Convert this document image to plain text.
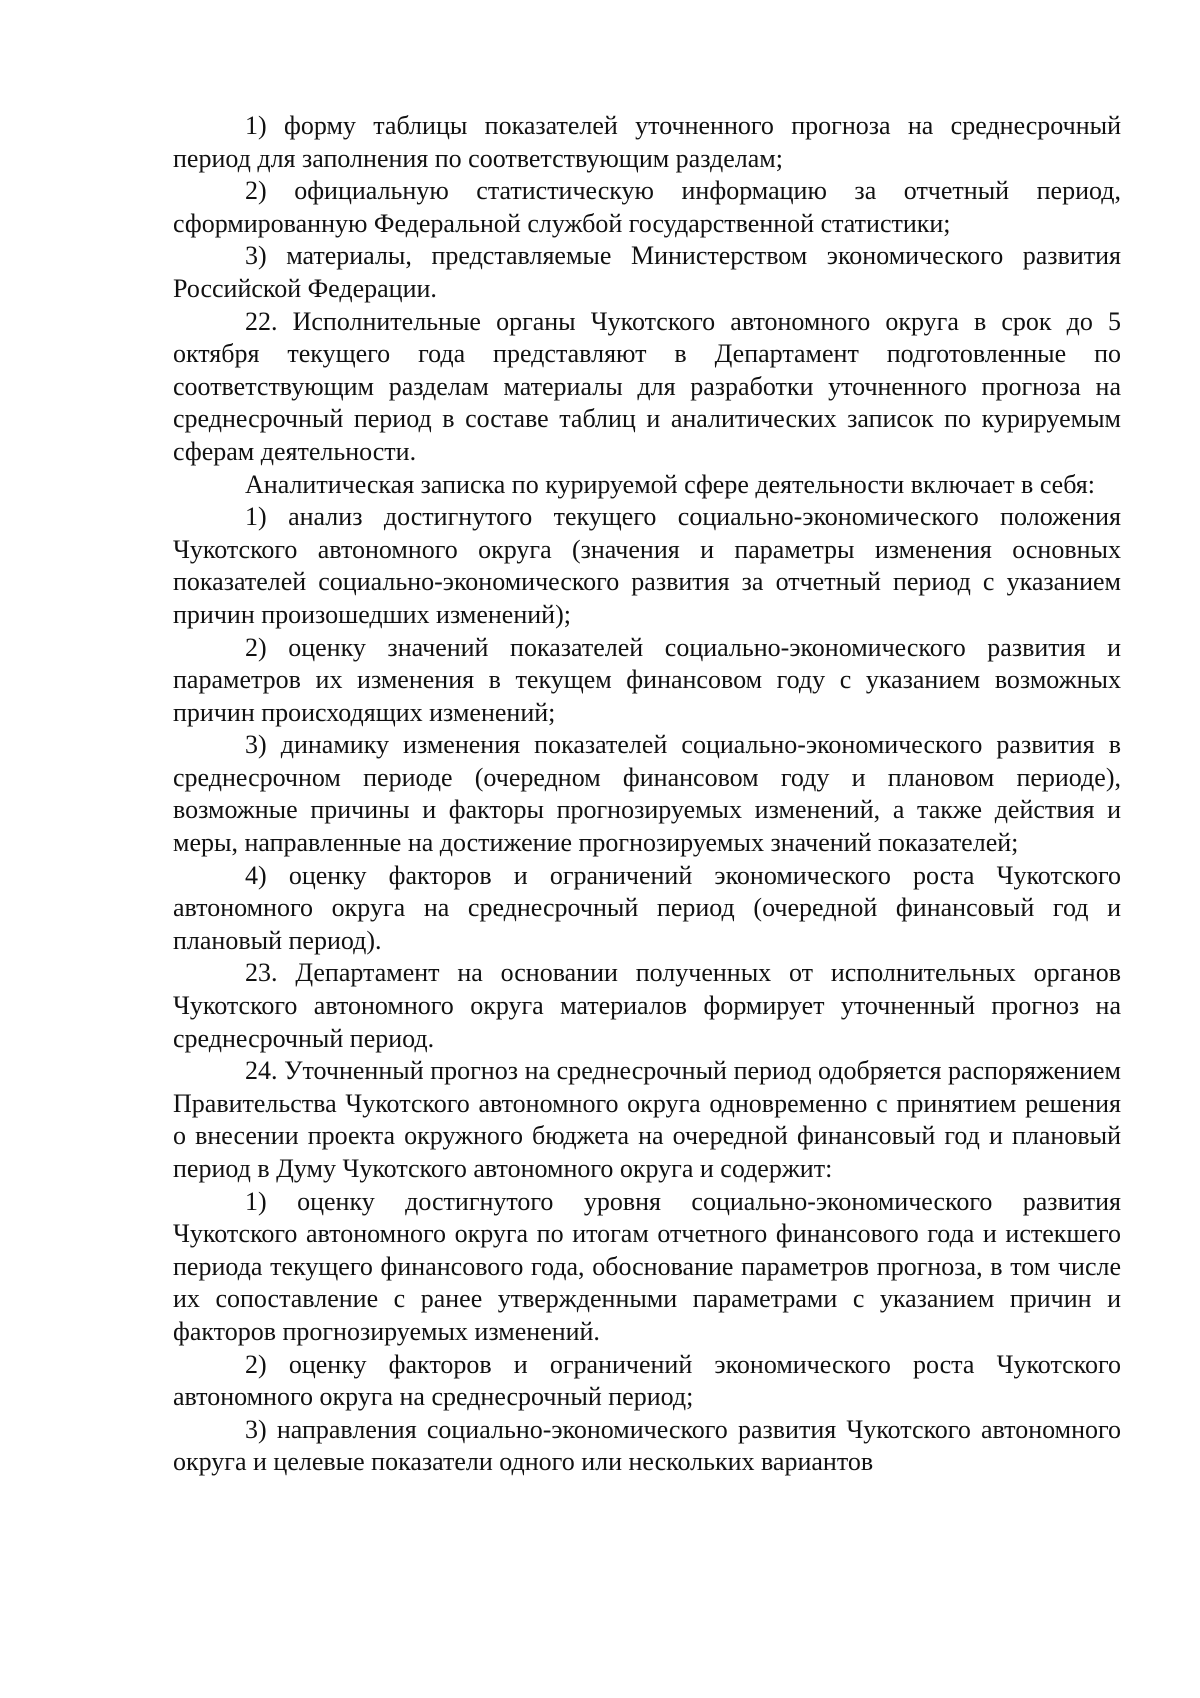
1) форму таблицы показателей уточненного прогноза на среднесрочный период для заполнения по соответствующим разделам;

2) официальную статистическую информацию за отчетный период, сформированную Федеральной службой государственной статистики;

3) материалы, представляемые Министерством экономического развития Российской Федерации.

22. Исполнительные органы Чукотского автономного округа в срок до 5 октября текущего года представляют в Департамент подготовленные по соответствующим разделам материалы для разработки уточненного прогноза на среднесрочный период в составе таблиц и аналитических записок по курируемым сферам деятельности.

Аналитическая записка по курируемой сфере деятельности включает в себя:

1) анализ достигнутого текущего социально-экономического положения Чукотского автономного округа (значения и параметры изменения основных показателей социально-экономического развития за отчетный период с указанием причин произошедших изменений);

2) оценку значений показателей социально-экономического развития и параметров их изменения в текущем финансовом году с указанием возможных причин происходящих изменений;

3) динамику изменения показателей социально-экономического развития в среднесрочном периоде (очередном финансовом году и плановом периоде), возможные причины и факторы прогнозируемых изменений, а также действия и меры, направленные на достижение прогнозируемых значений показателей;

4) оценку факторов и ограничений экономического роста Чукотского автономного округа на среднесрочный период (очередной финансовый год и плановый период).

23. Департамент на основании полученных от исполнительных органов Чукотского автономного округа материалов формирует уточненный прогноз на среднесрочный период.

24. Уточненный прогноз на среднесрочный период одобряется распоряжением Правительства Чукотского автономного округа одновременно с принятием решения о внесении проекта окружного бюджета на очередной финансовый год и плановый период в Думу Чукотского автономного округа и содержит:

1) оценку достигнутого уровня социально-экономического развития Чукотского автономного округа по итогам отчетного финансового года и истекшего периода текущего финансового года, обоснование параметров прогноза, в том числе их сопоставление с ранее утвержденными параметрами с указанием причин и факторов прогнозируемых изменений.

2) оценку факторов и ограничений экономического роста Чукотского автономного округа на среднесрочный период;

3) направления социально-экономического развития Чукотского автономного округа и целевые показатели одного или нескольких вариантов
